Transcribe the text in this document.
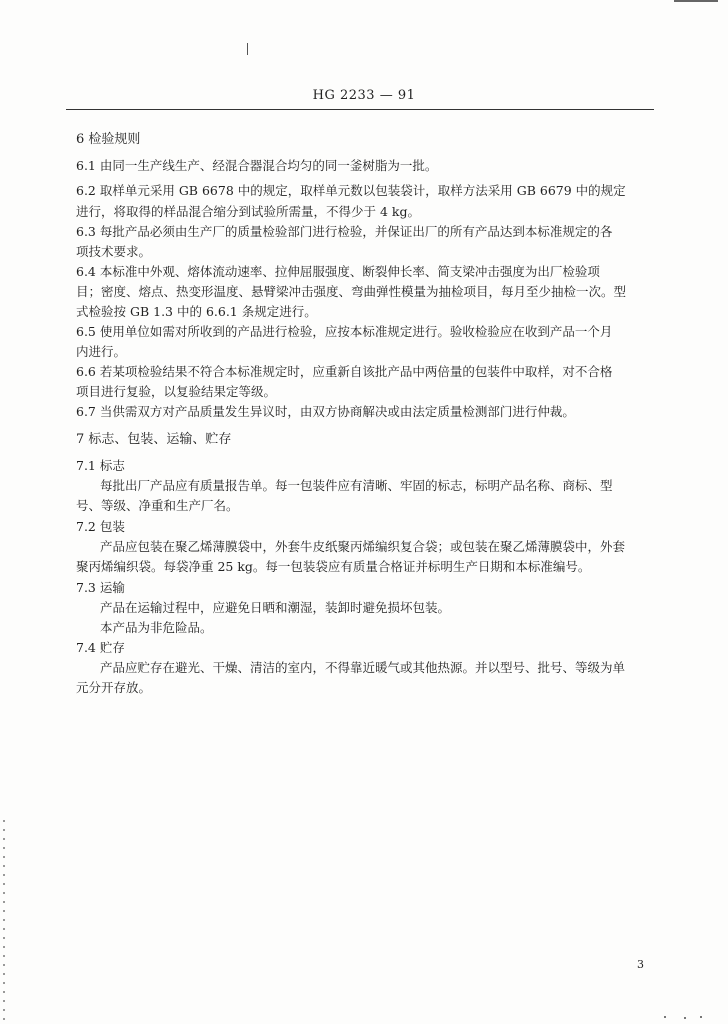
HG 2233 — 91
6 检验规则
6.1 由同一生产线生产、经混合器混合均匀的同一釜树脂为一批。
6.2 取样单元采用 GB 6678 中的规定，取样单元数以包装袋计，取样方法采用 GB 6679 中的规定
进行，将取得的样品混合缩分到试验所需量，不得少于 4 kg。
6.3 每批产品必须由生产厂的质量检验部门进行检验，并保证出厂的所有产品达到本标准规定的各
项技术要求。
6.4 本标准中外观、熔体流动速率、拉伸屈服强度、断裂伸长率、简支梁冲击强度为出厂检验项
目；密度、熔点、热变形温度、悬臂梁冲击强度、弯曲弹性模量为抽检项目，每月至少抽检一次。型
式检验按 GB 1.3 中的 6.6.1 条规定进行。
6.5 使用单位如需对所收到的产品进行检验，应按本标准规定进行。验收检验应在收到产品一个月
内进行。
6.6 若某项检验结果不符合本标准规定时，应重新自该批产品中两倍量的包装件中取样，对不合格
项目进行复验，以复验结果定等级。
6.7 当供需双方对产品质量发生异议时，由双方协商解决或由法定质量检测部门进行仲裁。
7 标志、包装、运输、贮存
7.1 标志
每批出厂产品应有质量报告单。每一包装件应有清晰、牢固的标志，标明产品名称、商标、型
号、等级、净重和生产厂名。
7.2 包装
产品应包装在聚乙烯薄膜袋中，外套牛皮纸聚丙烯编织复合袋；或包装在聚乙烯薄膜袋中，外套
聚丙烯编织袋。每袋净重 25 kg。每一包装袋应有质量合格证并标明生产日期和本标准编号。
7.3 运输
产品在运输过程中，应避免日晒和潮湿，装卸时避免损坏包装。
本产品为非危险品。
7.4 贮存
产品应贮存在避光、干燥、清洁的室内，不得靠近暖气或其他热源。并以型号、批号、等级为单
元分开存放。
3
